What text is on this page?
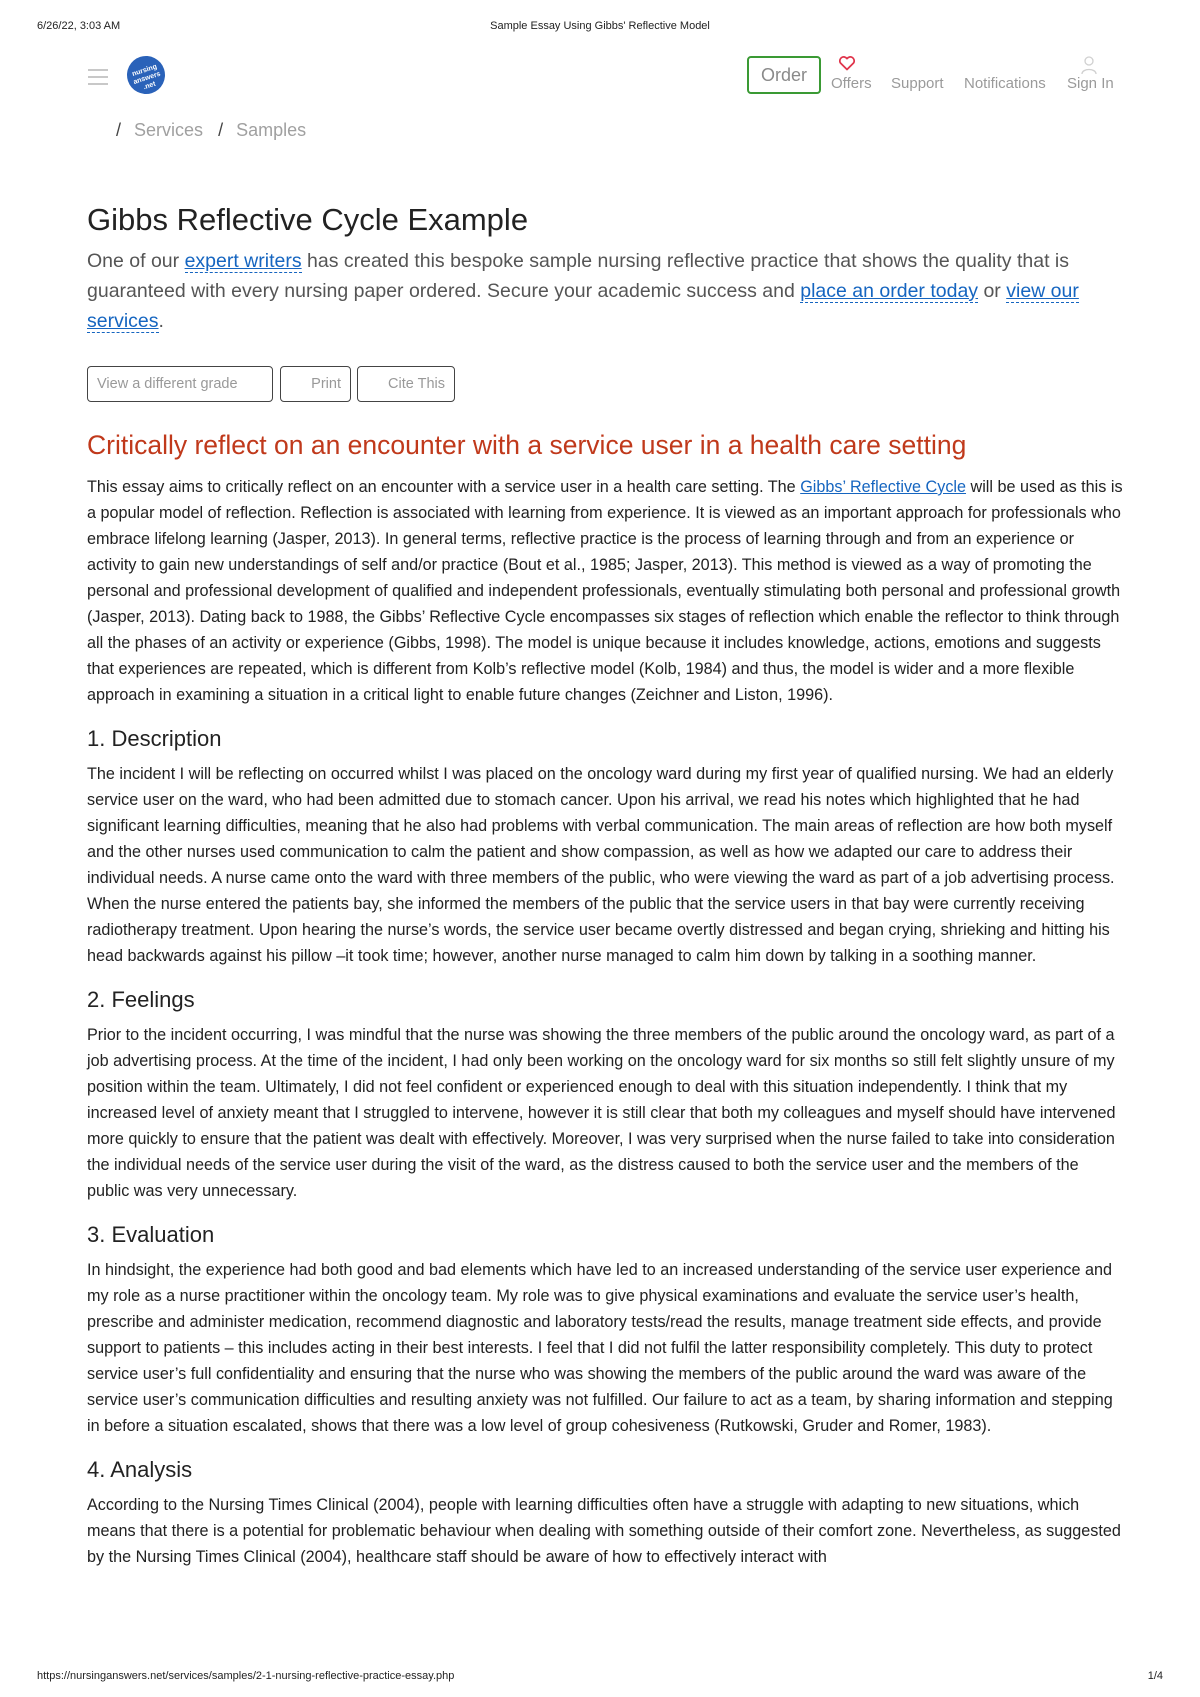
6/26/22, 3:03 AM	Sample Essay Using Gibbs' Reflective Model
nursing answers .net
Order	Offers Support Notifications Sign In
/ Services / Samples
Gibbs Reflective Cycle Example

One of our expert writers has created this bespoke sample nursing reflective practice that shows the quality that is guaranteed with every nursing paper ordered. Secure your academic success and place an order today or view our services.

View a different grade	Print	Cite This
Critically reflect on an encounter with a service user in a health care setting

This essay aims to critically reflect on an encounter with a service user in a health care setting. The Gibbs’ Reflective Cycle will be used as this is a popular model of reflection. Reflection is associated with learning from experience. It is viewed as an important approach for professionals who embrace lifelong learning (Jasper, 2013). In general terms, reflective practice is the process of learning through and from an experience or activity to gain new understandings of self and/or practice (Bout et al., 1985; Jasper, 2013). This method is viewed as a way of promoting the personal and professional development of qualified and independent professionals, eventually stimulating both personal and professional growth (Jasper, 2013). Dating back to 1988, the Gibbs’ Reflective Cycle encompasses six stages of reflection which enable the reflector to think through all the phases of an activity or experience (Gibbs, 1998). The model is unique because it includes knowledge, actions, emotions and suggests that experiences are repeated, which is different from Kolb’s reflective model (Kolb, 1984) and thus, the model is wider and a more flexible approach in examining a situation in a critical light to enable future changes (Zeichner and Liston, 1996).

1. Description

The incident I will be reflecting on occurred whilst I was placed on the oncology ward during my first year of qualified nursing. We had an elderly service user on the ward, who had been admitted due to stomach cancer. Upon his arrival, we read his notes which highlighted that he had significant learning difficulties, meaning that he also had problems with verbal communication. The main areas of reflection are how both myself and the other nurses used communication to calm the patient and show compassion, as well as how we adapted our care to address their individual needs. A nurse came onto the ward with three members of the public, who were viewing the ward as part of a job advertising process. When the nurse entered the patients bay, she informed the members of the public that the service users in that bay were currently receiving radiotherapy treatment. Upon hearing the nurse’s words, the service user became overtly distressed and began crying, shrieking and hitting his head backwards against his pillow –it took time; however, another nurse managed to calm him down by talking in a soothing manner.

2. Feelings

Prior to the incident occurring, I was mindful that the nurse was showing the three members of the public around the oncology ward, as part of a job advertising process. At the time of the incident, I had only been working on the oncology ward for six months so still felt slightly unsure of my position within the team. Ultimately, I did not feel confident or experienced enough to deal with this situation independently. I think that my increased level of anxiety meant that I struggled to intervene, however it is still clear that both my colleagues and myself should have intervened more quickly to ensure that the patient was dealt with effectively. Moreover, I was very surprised when the nurse failed to take into consideration the individual needs of the service user during the visit of the ward, as the distress caused to both the service user and the members of the public was very unnecessary.

3. Evaluation

In hindsight, the experience had both good and bad elements which have led to an increased understanding of the service user experience and my role as a nurse practitioner within the oncology team. My role was to give physical examinations and evaluate the service user’s health, prescribe and administer medication, recommend diagnostic and laboratory tests/read the results, manage treatment side effects, and provide support to patients – this includes acting in their best interests. I feel that I did not fulfil the latter responsibility completely. This duty to protect service user’s full confidentiality and ensuring that the nurse who was showing the members of the public around the ward was aware of the service user’s communication difficulties and resulting anxiety was not fulfilled. Our failure to act as a team, by sharing information and stepping in before a situation escalated, shows that there was a low level of group cohesiveness (Rutkowski, Gruder and Romer, 1983).

4. Analysis

According to the Nursing Times Clinical (2004), people with learning difficulties often have a struggle with adapting to new situations, which means that there is a potential for problematic behaviour when dealing with something outside of their comfort zone. Nevertheless, as suggested by the Nursing Times Clinical (2004), healthcare staff should be aware of how to effectively interact with

https://nursinganswers.net/services/samples/2-1-nursing-reflective-practice-essay.php	1/4
